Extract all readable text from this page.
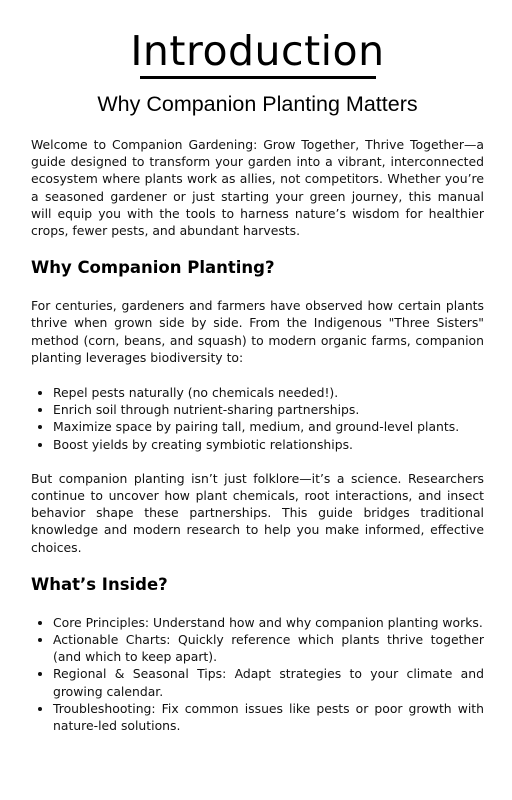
Introduction
Why Companion Planting Matters

Welcome to Companion Gardening: Grow Together, Thrive Together—a guide designed to transform your garden into a vibrant, interconnected ecosystem where plants work as allies, not competitors. Whether you’re a seasoned gardener or just starting your green journey, this manual will equip you with the tools to harness nature’s wisdom for healthier crops, fewer pests, and abundant harvests.

Why Companion Planting?

For centuries, gardeners and farmers have observed how certain plants thrive when grown side by side. From the Indigenous "Three Sisters" method (corn, beans, and squash) to modern organic farms, companion planting leverages biodiversity to:

• Repel pests naturally (no chemicals needed!).
• Enrich soil through nutrient-sharing partnerships.
• Maximize space by pairing tall, medium, and ground-level plants.
• Boost yields by creating symbiotic relationships.

But companion planting isn’t just folklore—it’s a science. Researchers continue to uncover how plant chemicals, root interactions, and insect behavior shape these partnerships. This guide bridges traditional knowledge and modern research to help you make informed, effective choices.

What’s Inside?
• Core Principles: Understand how and why companion planting works.
• Actionable Charts: Quickly reference which plants thrive together (and which to keep apart).
• Regional & Seasonal Tips: Adapt strategies to your climate and growing calendar.
• Troubleshooting: Fix common issues like pests or poor growth with nature-led solutions.
